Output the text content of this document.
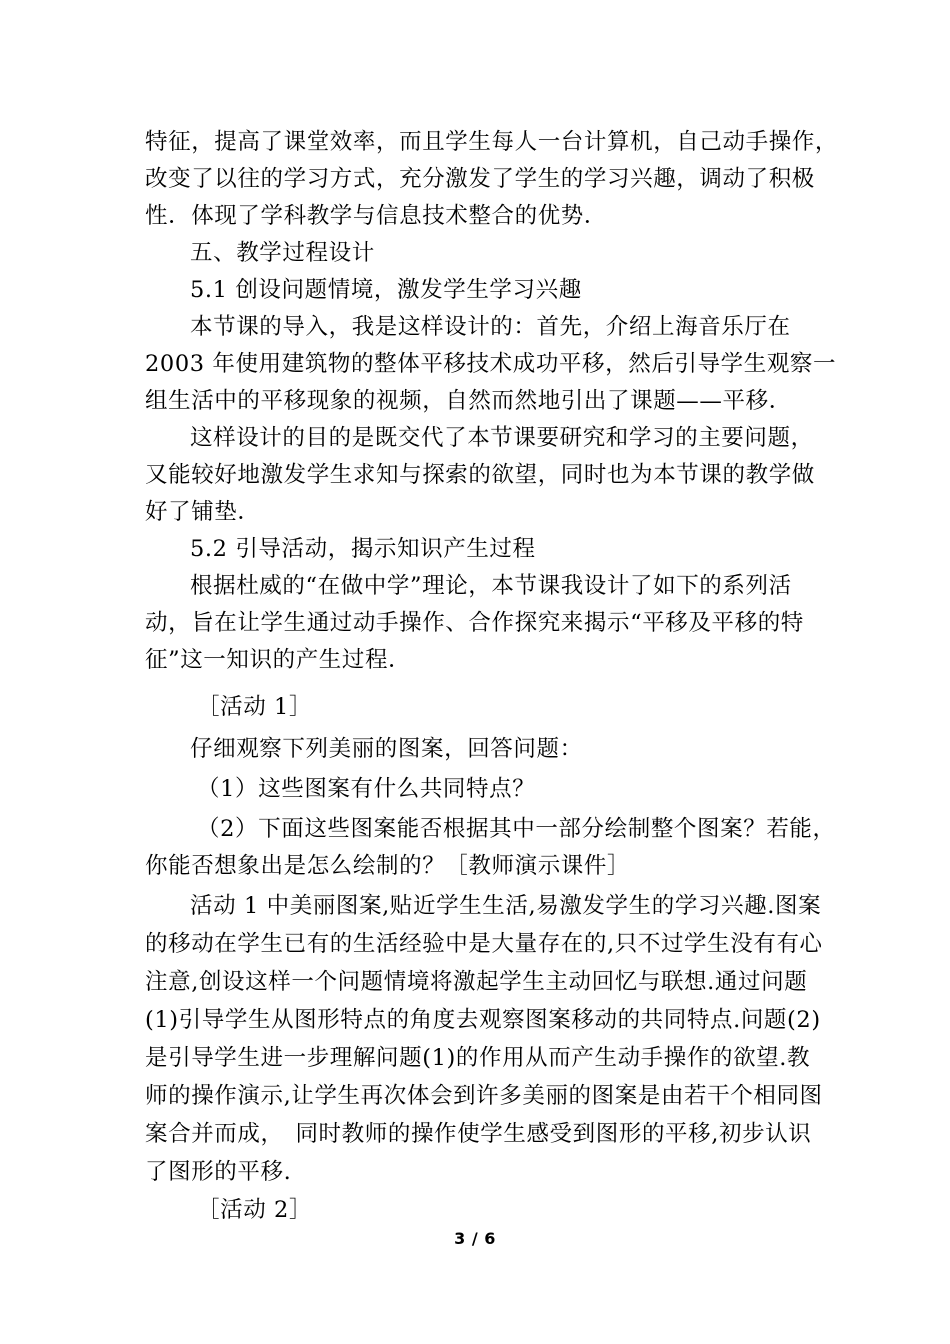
特征，提高了课堂效率，而且学生每人一台计算机，自己动手操作，
改变了以往的学习方式，充分激发了学生的学习兴趣，调动了积极
性．体现了学科教学与信息技术整合的优势．
五、教学过程设计
5.1 创设问题情境，激发学生学习兴趣
本节课的导入，我是这样设计的：首先，介绍上海音乐厅在
2003 年使用建筑物的整体平移技术成功平移，然后引导学生观察一
组生活中的平移现象的视频，自然而然地引出了课题——平移．
这样设计的目的是既交代了本节课要研究和学习的主要问题，
又能较好地激发学生求知与探索的欲望，同时也为本节课的教学做
好了铺垫．
5.2 引导活动，揭示知识产生过程
根据杜威的“在做中学”理论，本节课我设计了如下的系列活
动，旨在让学生通过动手操作、合作探究来揭示“平移及平移的特
征”这一知识的产生过程．
［活动 1］
仔细观察下列美丽的图案，回答问题：
（1）这些图案有什么共同特点？
（2）下面这些图案能否根据其中一部分绘制整个图案？若能，
你能否想象出是怎么绘制的？［教师演示课件］
活动 1 中美丽图案,贴近学生生活,易激发学生的学习兴趣.图案
的移动在学生已有的生活经验中是大量存在的,只不过学生没有有心
注意,创设这样一个问题情境将激起学生主动回忆与联想.通过问题
(1)引导学生从图形特点的角度去观察图案移动的共同特点.问题(2)
是引导学生进一步理解问题(1)的作用从而产生动手操作的欲望.教
师的操作演示,让学生再次体会到许多美丽的图案是由若干个相同图
案合并而成，　同时教师的操作使学生感受到图形的平移,初步认识
了图形的平移.
［活动 2］
3 / 6
